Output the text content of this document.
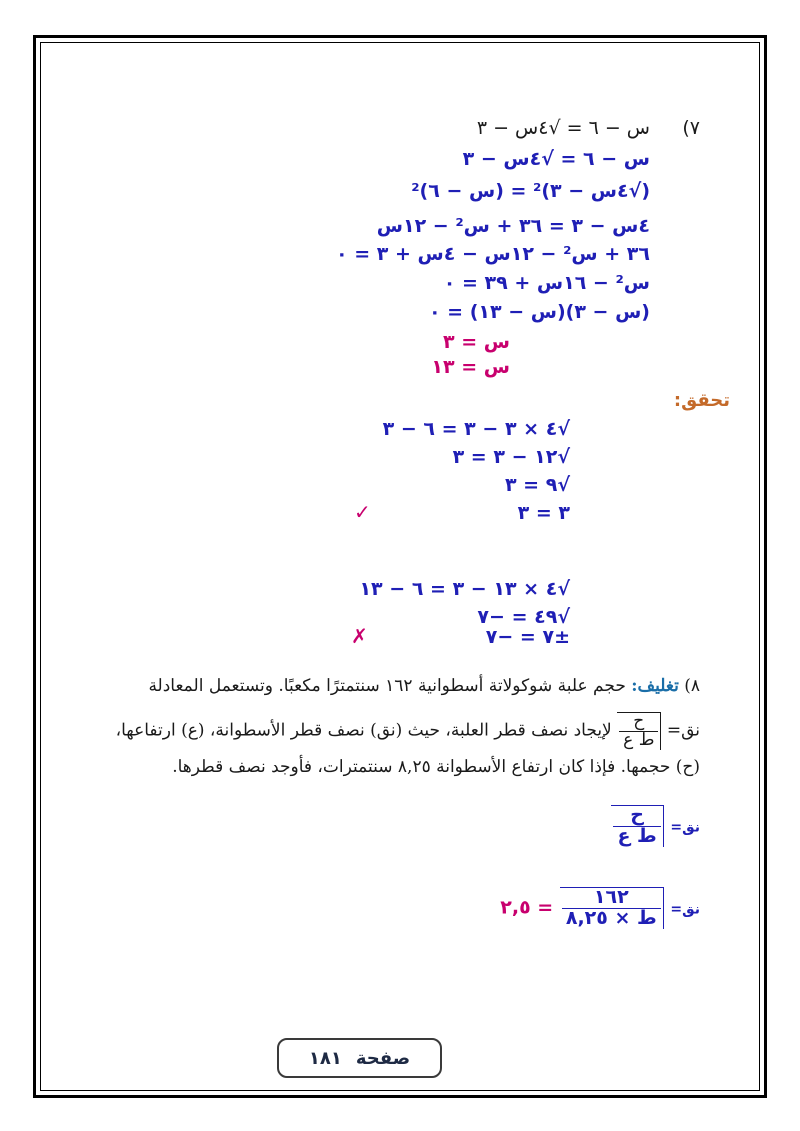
٧)
س − ٦ = √٤س − ٣
س − ٦ = √٤س − ٣
(√٤س − ٣)² = (س − ٦)²
٤س − ٣ = ٣٦ + س² − ١٢س
٣٦ + س² − ١٢س − ٤س + ٣ = ٠
س² − ١٦س + ٣٩ = ٠
(س − ٣)(س − ١٣) = ٠
س = ٣
س = ١٣
تحقق:
√٤ × ٣ − ٣ = ٦ − ٣
√١٢ − ٣ = ٣
√٩ = ٣
٣ = ٣
✓
√٤ × ١٣ − ٣ = ٦ − ١٣
√٤٩ = −٧
±٧ = −٧
✗
٨) تغليف: حجم علبة شوكولاتة أسطوانية ١٦٢ سنتمترًا مكعبًا. وتستعمل المعادلة
نق=
$\frac{\text{ح}}{\text{ط ع}}$
لإيجاد نصف قطر العلبة، حيث (نق) نصف قطر الأسطوانة، (ع) ارتفاعها،
(ح) حجمها. فإذا كان ارتفاع الأسطوانة ٨,٢٥ سنتمترات، فأوجد نصف قطرها.
نق=
$\frac{\text{ح}}{\text{ط ع}}$
نق=
$\frac{١٦٢}{\text{ط × ٨,٢٥}}$
= ٢,٥
صفحة
١٨١
